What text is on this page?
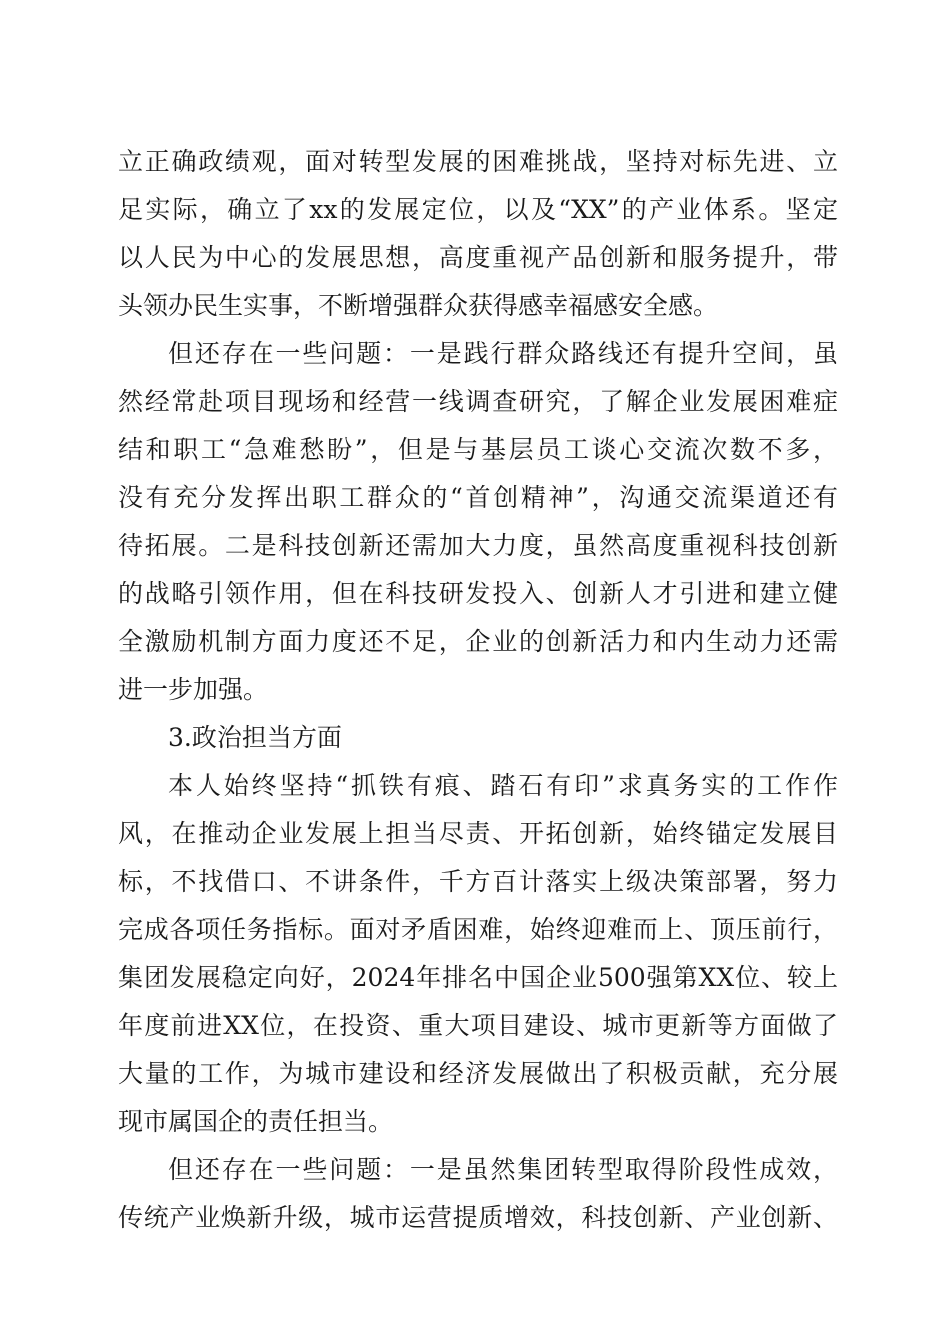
立正确政绩观，面对转型发展的困难挑战，坚持对标先进、立
足实际，确立了xx的发展定位，以及“XX”的产业体系。坚定
以人民为中心的发展思想，高度重视产品创新和服务提升，带
头领办民生实事，不断增强群众获得感幸福感安全感。
但还存在一些问题：一是践行群众路线还有提升空间，虽
然经常赴项目现场和经营一线调查研究，了解企业发展困难症
结和职工“急难愁盼”，但是与基层员工谈心交流次数不多，
没有充分发挥出职工群众的“首创精神”，沟通交流渠道还有
待拓展。二是科技创新还需加大力度，虽然高度重视科技创新
的战略引领作用，但在科技研发投入、创新人才引进和建立健
全激励机制方面力度还不足，企业的创新活力和内生动力还需
进一步加强。
3.政治担当方面
本人始终坚持“抓铁有痕、踏石有印”求真务实的工作作
风，在推动企业发展上担当尽责、开拓创新，始终锚定发展目
标，不找借口、不讲条件，千方百计落实上级决策部署，努力
完成各项任务指标。面对矛盾困难，始终迎难而上、顶压前行，
集团发展稳定向好，2024年排名中国企业500强第XX位、较上
年度前进XX位，在投资、重大项目建设、城市更新等方面做了
大量的工作，为城市建设和经济发展做出了积极贡献，充分展
现市属国企的责任担当。
但还存在一些问题：一是虽然集团转型取得阶段性成效，
传统产业焕新升级，城市运营提质增效，科技创新、产业创新、
